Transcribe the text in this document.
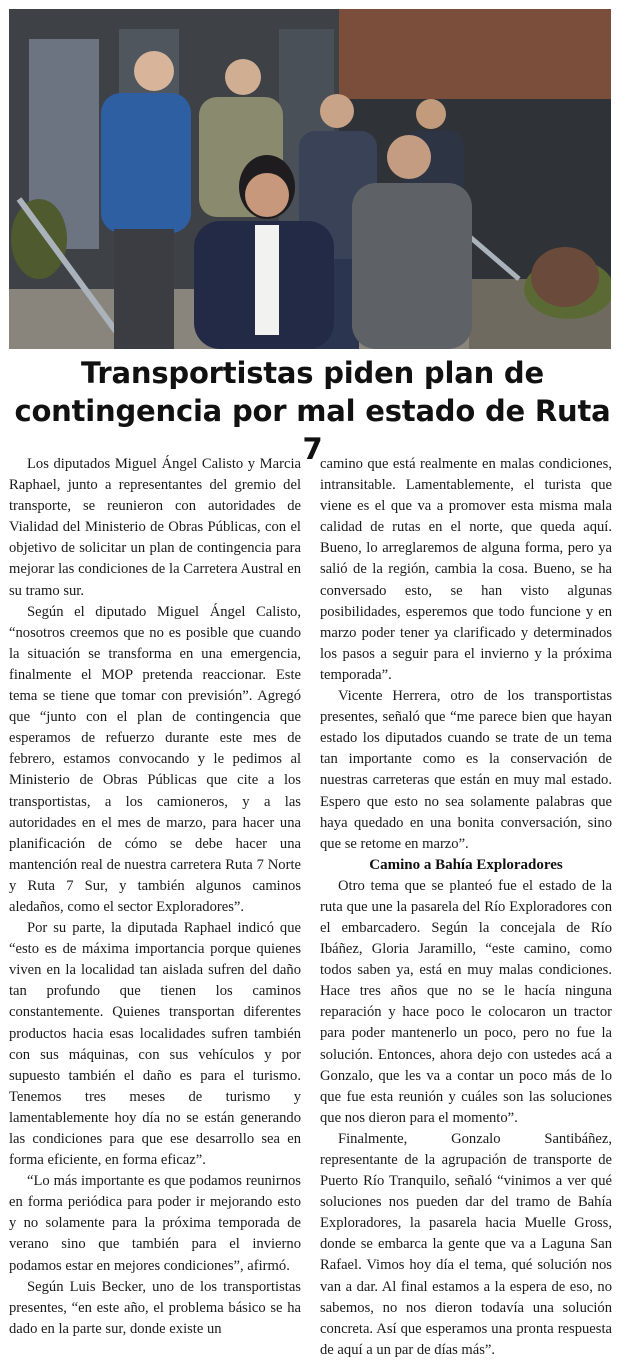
Transportistas piden plan de
contingencia por mal estado de Ruta 7

Los diputados Miguel Ángel Calisto y Marcia Raphael, junto a representantes del gremio del transporte, se reunieron con autoridades de Vialidad del Ministerio de Obras Públicas, con el objetivo de solicitar un plan de contingencia para mejorar las condiciones de la Carretera Austral en su tramo sur.

Según el diputado Miguel Ángel Calisto, “nosotros creemos que no es posible que cuando la situación se transforma en una emergencia, finalmente el MOP pretenda reaccionar. Este tema se tiene que tomar con previsión”. Agregó que “junto con el plan de contingencia que esperamos de refuerzo durante este mes de febrero, estamos convocando y le pedimos al Ministerio de Obras Públicas que cite a los transportistas, a los camioneros, y a las autoridades en el mes de marzo, para hacer una planificación de cómo se debe hacer una mantención real de nuestra carretera Ruta 7 Norte y Ruta 7 Sur, y también algunos caminos aledaños, como el sector Exploradores”.

Por su parte, la diputada Raphael indicó que “esto es de máxima importancia porque quienes viven en la localidad tan aislada sufren del daño tan profundo que tienen los caminos constantemente. Quienes transportan diferentes productos hacia esas localidades sufren también con sus máquinas, con sus vehículos y por supuesto también el daño es para el turismo. Tenemos tres meses de turismo y lamentablemente hoy día no se están generando las condiciones para que ese desarrollo sea en forma eficiente, en forma eficaz”.

“Lo más importante es que podamos reunirnos en forma periódica para poder ir mejorando esto y no solamente para la próxima temporada de verano sino que también para el invierno podamos estar en mejores condiciones”, afirmó.

Según Luis Becker, uno de los transportistas presentes, “en este año, el problema básico se ha dado en la parte sur, donde existe un

camino que está realmente en malas condiciones, intransitable. Lamentablemente, el turista que viene es el que va a promover esta misma mala calidad de rutas en el norte, que queda aquí. Bueno, lo arreglaremos de alguna forma, pero ya salió de la región, cambia la cosa. Bueno, se ha conversado esto, se han visto algunas posibilidades, esperemos que todo funcione y en marzo poder tener ya clarificado y determinados los pasos a seguir para el invierno y la próxima temporada”.

Vicente Herrera, otro de los transportistas presentes, señaló que “me parece bien que hayan estado los diputados cuando se trate de un tema tan importante como es la conservación de nuestras carreteras que están en muy mal estado. Espero que esto no sea solamente palabras que haya quedado en una bonita conversación, sino que se retome en marzo”.

Camino a Bahía Exploradores

Otro tema que se planteó fue el estado de la ruta que une la pasarela del Río Exploradores con el embarcadero. Según la concejala de Río Ibáñez, Gloria Jaramillo, “este camino, como todos saben ya, está en muy malas condiciones. Hace tres años que no se le hacía ninguna reparación y hace poco le colocaron un tractor para poder mantenerlo un poco, pero no fue la solución. Entonces, ahora dejo con ustedes acá a Gonzalo, que les va a contar un poco más de lo que fue esta reunión y cuáles son las soluciones que nos dieron para el momento”.

Finalmente, Gonzalo Santibáñez, representante de la agrupación de transporte de Puerto Río Tranquilo, señaló “vinimos a ver qué soluciones nos pueden dar del tramo de Bahía Exploradores, la pasarela hacia Muelle Gross, donde se embarca la gente que va a Laguna San Rafael. Vimos hoy día el tema, qué solución nos van a dar. Al final estamos a la espera de eso, no sabemos, no nos dieron todavía una solución concreta. Así que esperamos una pronta respuesta de aquí a un par de días más”.
